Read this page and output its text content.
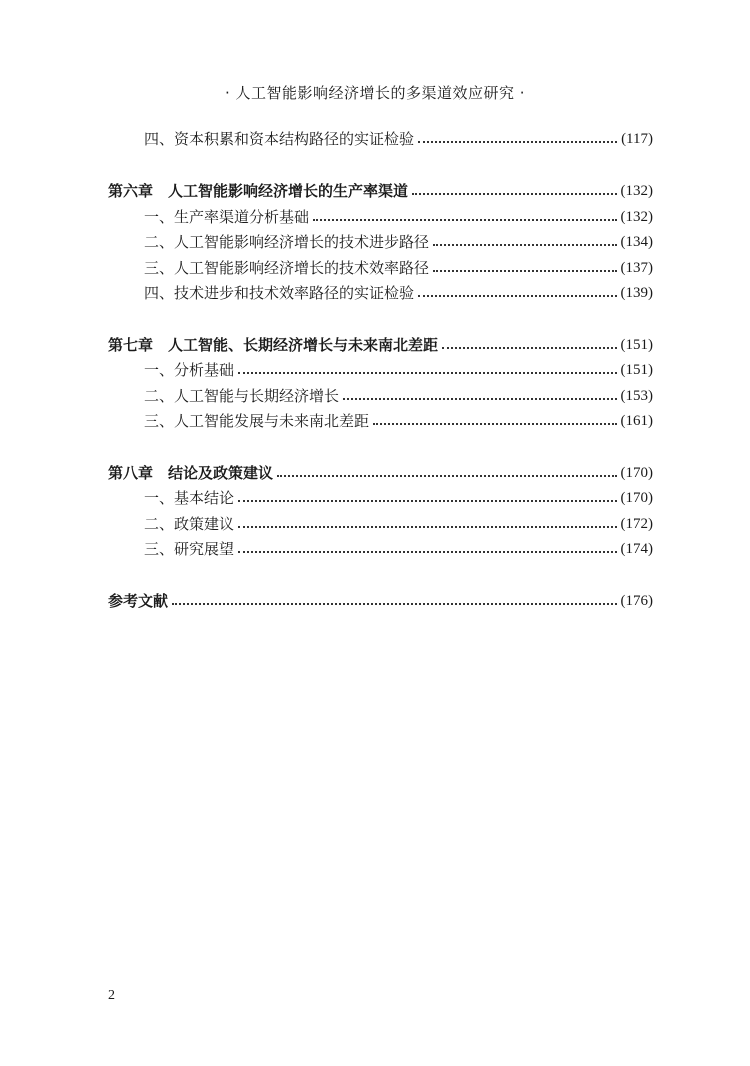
· 人工智能影响经济增长的多渠道效应研究 ·
四、资本积累和资本结构路径的实证检验	(117)
第六章　人工智能影响经济增长的生产率渠道	(132)
一、生产率渠道分析基础	(132)
二、人工智能影响经济增长的技术进步路径	(134)
三、人工智能影响经济增长的技术效率路径	(137)
四、技术进步和技术效率路径的实证检验	(139)
第七章　人工智能、长期经济增长与未来南北差距	(151)
一、分析基础	(151)
二、人工智能与长期经济增长	(153)
三、人工智能发展与未来南北差距	(161)
第八章　结论及政策建议	(170)
一、基本结论	(170)
二、政策建议	(172)
三、研究展望	(174)
参考文献	(176)
2
